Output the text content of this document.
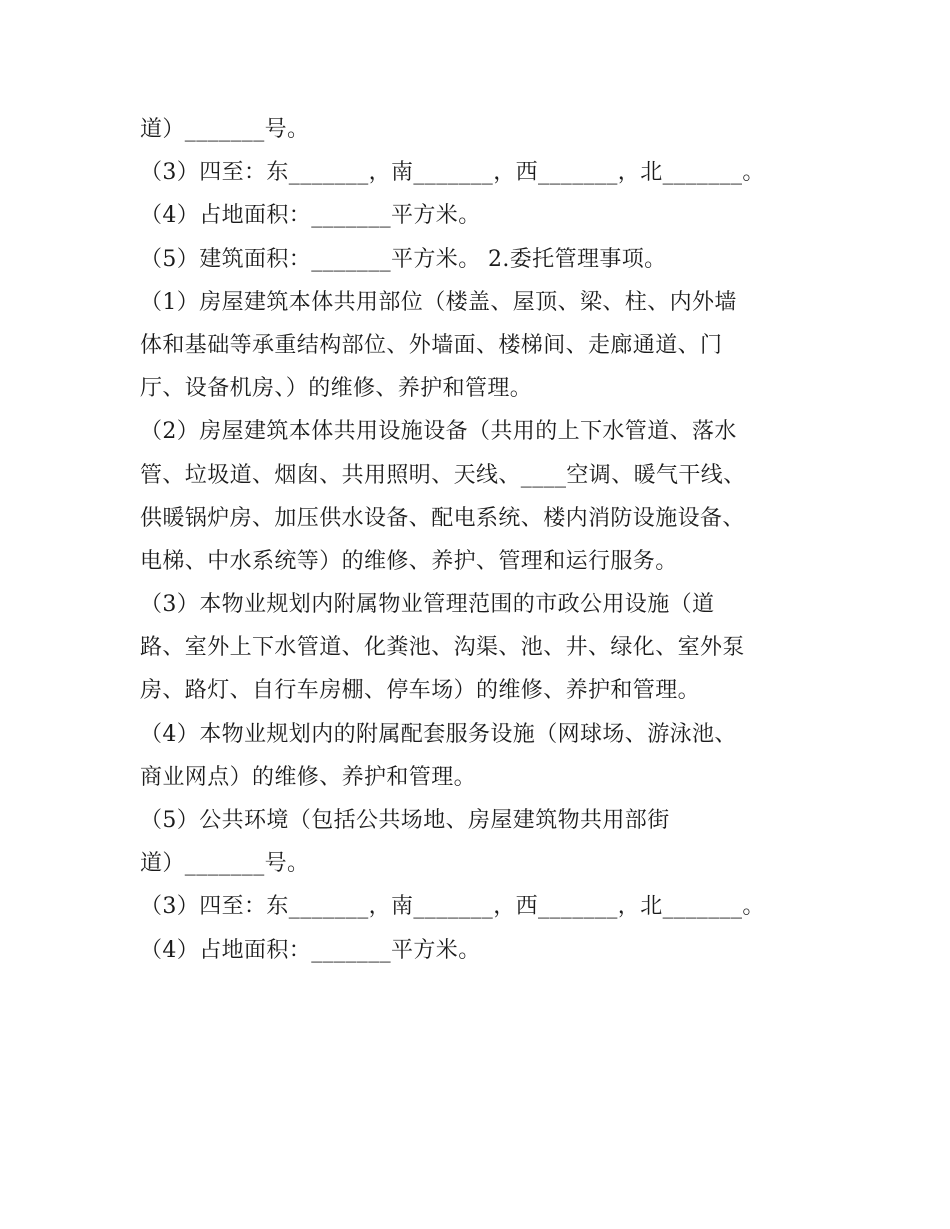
道）_______号。
（3）四至：东_______，南_______，西_______，北_______。
（4）占地面积：_______平方米。
（5）建筑面积：_______平方米。 2.委托管理事项。
（1）房屋建筑本体共用部位（楼盖、屋顶、梁、柱、内外墙
体和基础等承重结构部位、外墙面、楼梯间、走廊通道、门
厅、设备机房、）的维修、养护和管理。
（2）房屋建筑本体共用设施设备（共用的上下水管道、落水
管、垃圾道、烟囱、共用照明、天线、____空调、暖气干线、
供暖锅炉房、加压供水设备、配电系统、楼内消防设施设备、
电梯、中水系统等）的维修、养护、管理和运行服务。
（3）本物业规划内附属物业管理范围的市政公用设施（道
路、室外上下水管道、化粪池、沟渠、池、井、绿化、室外泵
房、路灯、自行车房棚、停车场）的维修、养护和管理。
（4）本物业规划内的附属配套服务设施（网球场、游泳池、
商业网点）的维修、养护和管理。
（5）公共环境（包括公共场地、房屋建筑物共用部街
道）_______号。
（3）四至：东_______，南_______，西_______，北_______。
（4）占地面积：_______平方米。
